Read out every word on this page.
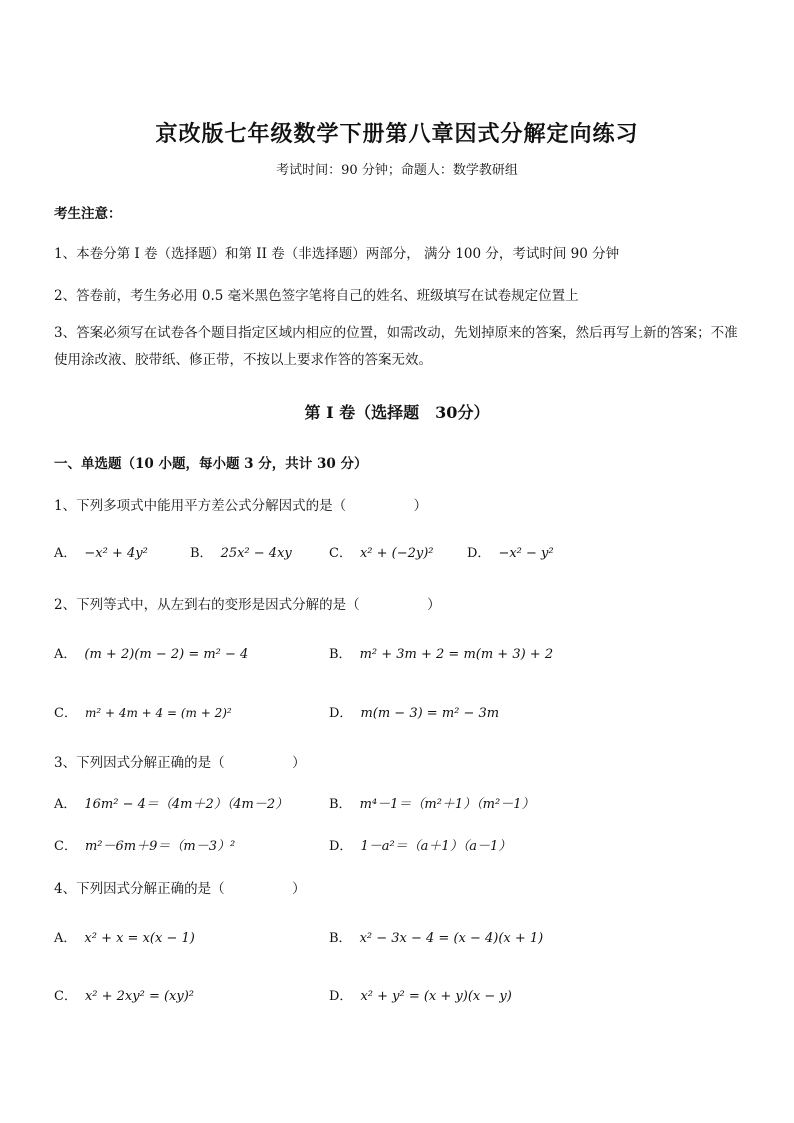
京改版七年级数学下册第八章因式分解定向练习
考试时间：90 分钟；命题人：数学教研组
考生注意：
1、本卷分第 I 卷（选择题）和第 II 卷（非选择题）两部分， 满分 100 分，考试时间 90 分钟
2、答卷前，考生务必用 0.5 毫米黑色签字笔将自己的姓名、班级填写在试卷规定位置上
3、答案必须写在试卷各个题目指定区域内相应的位置，如需改动，先划掉原来的答案，然后再写上新的答案；不准使用涂改液、胶带纸、修正带，不按以上要求作答的答案无效。
第 I 卷（选择题　30分）
一、单选题（10 小题，每小题 3 分，共计 30 分）
1、下列多项式中能用平方差公式分解因式的是（　　　　　）
A． −x² + 4y²	B． 25x² − 4xy	C． x² + (−2y)²	D． −x² − y²
2、下列等式中，从左到右的变形是因式分解的是（　　　　　）
A． (m + 2)(m − 2) = m² − 4	B． m² + 3m + 2 = m(m + 3) + 2
C． m² + 4m + 4 = (m + 2)²	D． m(m − 3) = m² − 3m
3、下列因式分解正确的是（　　　　　）
A． 16m² − 4＝（4m＋2）（4m－2）	B． m⁴－1＝（m²＋1）（m²－1）
C． m²－6m＋9＝（m－3）²	D． 1－a²＝（a＋1）（a－1）
4、下列因式分解正确的是（　　　　　）
A． x² + x = x(x − 1)	B． x² − 3x − 4 = (x − 4)(x + 1)
C． x² + 2xy² = (xy)²	D． x² + y² = (x + y)(x − y)
